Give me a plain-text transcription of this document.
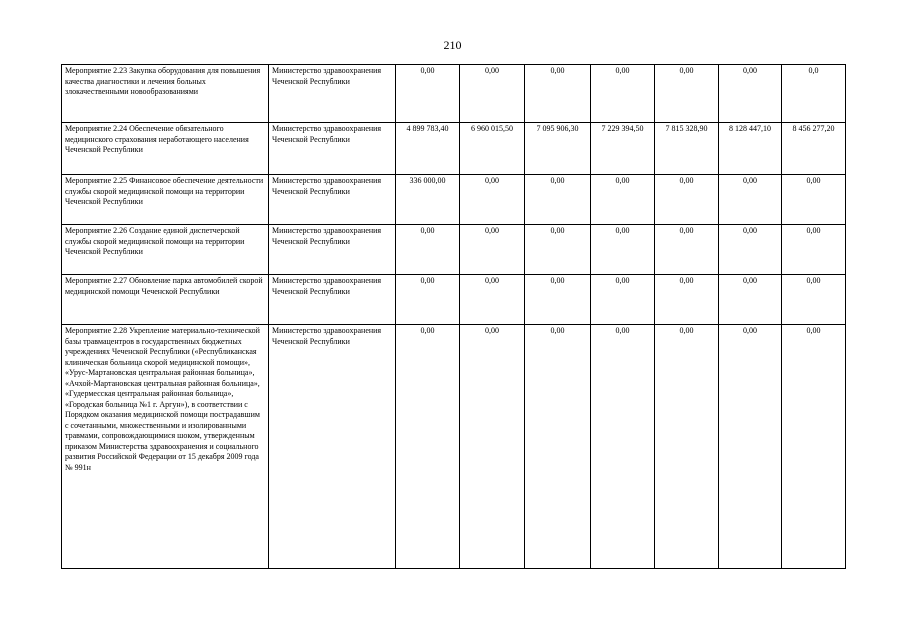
210
Мероприятие 2.23 Закупка оборудования для повышения качества диагностики и лечения больных злокачественными новообразованиями	Министерство здравоохранения Чеченской Республики	0,00	0,00	0,00	0,00	0,00	0,00	0,0
Мероприятие 2.24 Обеспечение обязательного медицинского страхования неработающего населения Чеченской Республики	Министерство здравоохранения Чеченской Республики	4 899 783,40	6 960 015,50	7 095 906,30	7 229 394,50	7 815 328,90	8 128 447,10	8 456 277,20
Мероприятие 2.25 Финансовое обеспечение деятельности службы скорой медицинской помощи на территории Чеченской Республики	Министерство здравоохранения Чеченской Республики	336 000,00	0,00	0,00	0,00	0,00	0,00	0,00
Мероприятие 2.26 Создание единой диспетчерской службы скорой медицинской помощи на территории Чеченской Республики	Министерство здравоохранения Чеченской Республики	0,00	0,00	0,00	0,00	0,00	0,00	0,00
Мероприятие 2.27 Обновление парка автомобилей скорой медицинской помощи Чеченской Республики	Министерство здравоохранения Чеченской Республики	0,00	0,00	0,00	0,00	0,00	0,00	0,00
Мероприятие 2.28 Укрепление материально-технической базы травмацентров в государственных бюджетных учреждениях Чеченской Республики («Республиканская клиническая больница скорой медицинской помощи», «Урус-Мартановская центральная районная больница», «Ачхой-Мартановская центральная районная больница», «Гудермесская центральная районная больница», «Городская больница №1 г. Аргун»), в соответствии с Порядком оказания медицинской помощи пострадавшим с сочетанными, множественными и изолированными травмами, сопровождающимися шоком, утвержденным приказом Министерства здравоохранения и социального развития Российской Федерации от 15 декабря 2009 года № 991н	Министерство здравоохранения Чеченской Республики	0,00	0,00	0,00	0,00	0,00	0,00	0,00
